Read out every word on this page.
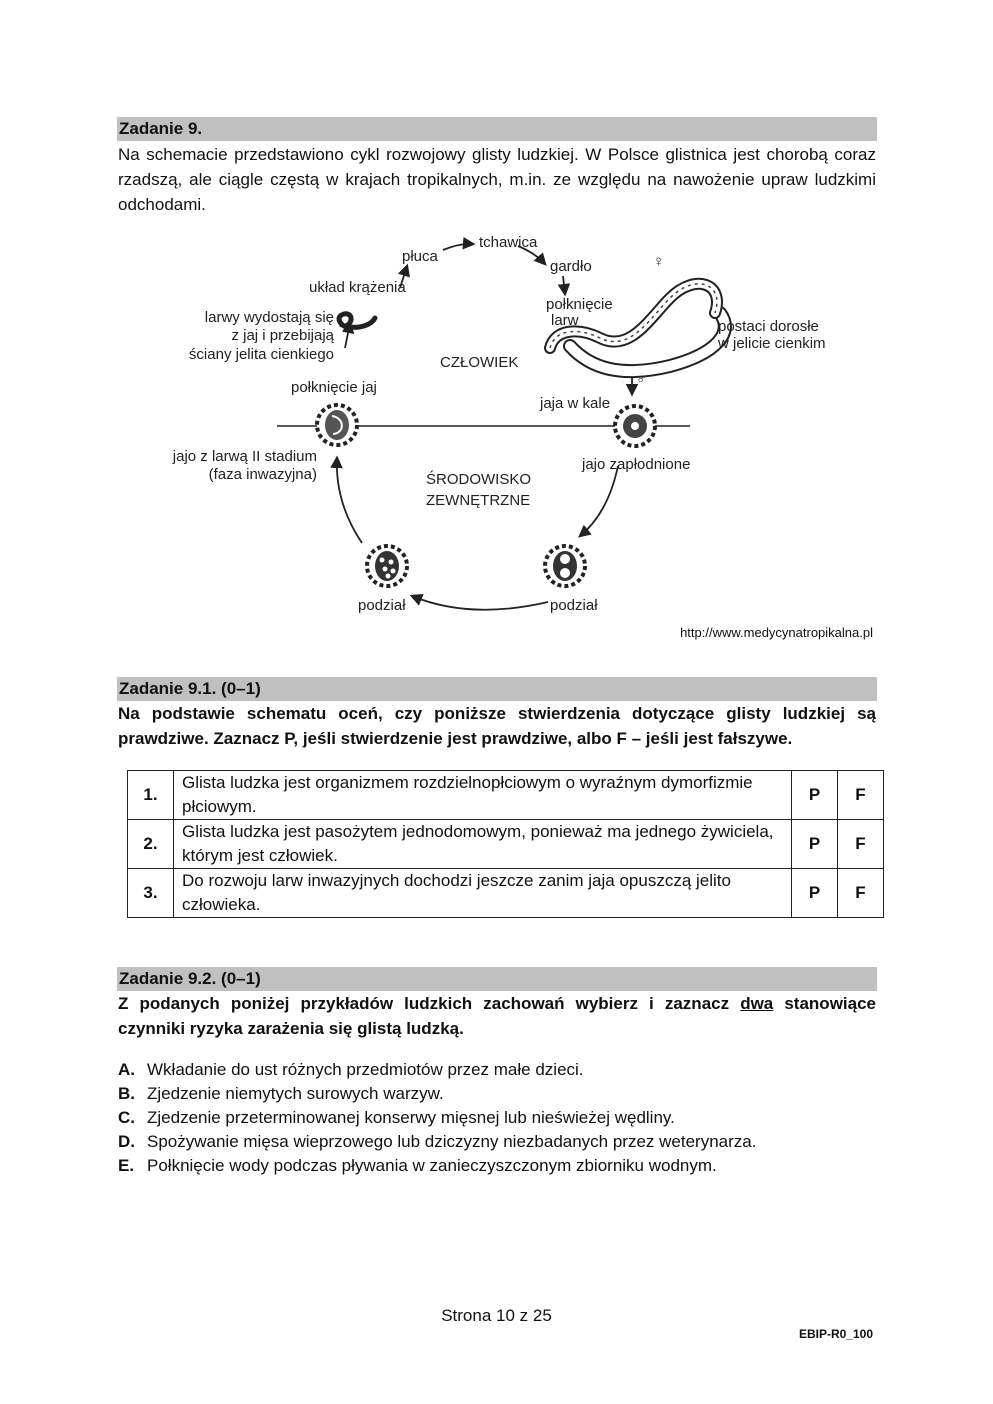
Zadanie 9.
Na schemacie przedstawiono cykl rozwojowy glisty ludzkiej. W Polsce glistnica jest chorobą coraz rzadszą, ale ciągle częstą w krajach tropikalnych, m.in. ze względu na nawożenie upraw ludzkimi odchodami.
płuca
tchawica
gardło	♀
♂
układ krążenia
larwy wydostają się
z jaj i przebijają
ściany jelita cienkiego
połknięcie
larw	postaci dorosłe
w jelicie cienkim
CZŁOWIEK
połknięcie jaj
jaja w kale
jajo z larwą II stadium
(faza inwazyjna)
jajo zapłodnione
ŚRODOWISKO
ZEWNĘTRZNE
podział	podział
http://www.medycynatropikalna.pl
Zadanie 9.1. (0–1)
Na podstawie schematu oceń, czy poniższe stwierdzenia dotyczące glisty ludzkiej są prawdziwe. Zaznacz P, jeśli stwierdzenie jest prawdziwe, albo F – jeśli jest fałszywe.
1.	Glista ludzka jest organizmem rozdzielnopłciowym o wyraźnym dymorfizmie płciowym.	P	F
2.	Glista ludzka jest pasożytem jednodomowym, ponieważ ma jednego żywiciela, którym jest człowiek.	P	F
3.	Do rozwoju larw inwazyjnych dochodzi jeszcze zanim jaja opuszczą jelito człowieka.	P	F
Zadanie 9.2. (0–1)
Z podanych poniżej przykładów ludzkich zachowań wybierz i zaznacz dwa stanowiące czynniki ryzyka zarażenia się glistą ludzką.
A. Wkładanie do ust różnych przedmiotów przez małe dzieci.
B. Zjedzenie niemytych surowych warzyw.
C. Zjedzenie przeterminowanej konserwy mięsnej lub nieświeżej wędliny.
D. Spożywanie mięsa wieprzowego lub dziczyzny niezbadanych przez weterynarza.
E. Połknięcie wody podczas pływania w zanieczyszczonym zbiorniku wodnym.
Strona 10 z 25
EBIP-R0_100
